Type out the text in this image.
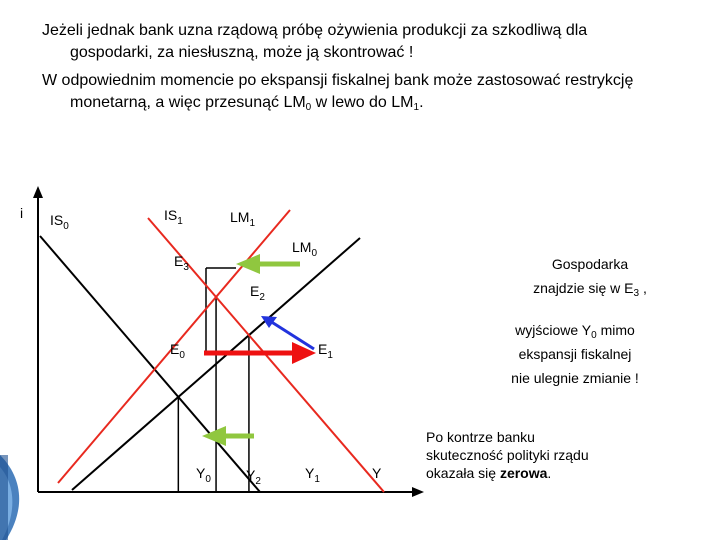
Jeżeli jednak bank uzna rządową próbę ożywienia produkcji za szkodliwą dla
gospodarki, za niesłuszną, może ją skontrować !

W odpowiednim momencie po ekspansji fiskalnej bank może zastosować restrykcję
monetarną, a więc przesunąć $LM_0$ w lewo do $LM_1$.

i
Y
$IS_0$
$IS_1$	$LM_1$
$LM_0$
$E_3$
$E_2$
$E_0$	$E_1$
$Y_0$	$Y_2$
$Y_1$
Gospodarka
znajdzie się w $E_3$ ,
wyjściowe $Y_0$ mimo
ekspansji fiskalnej
nie ulegnie zmianie !
Po kontrze banku
skuteczność polityki rządu
okazała się zerowa.
